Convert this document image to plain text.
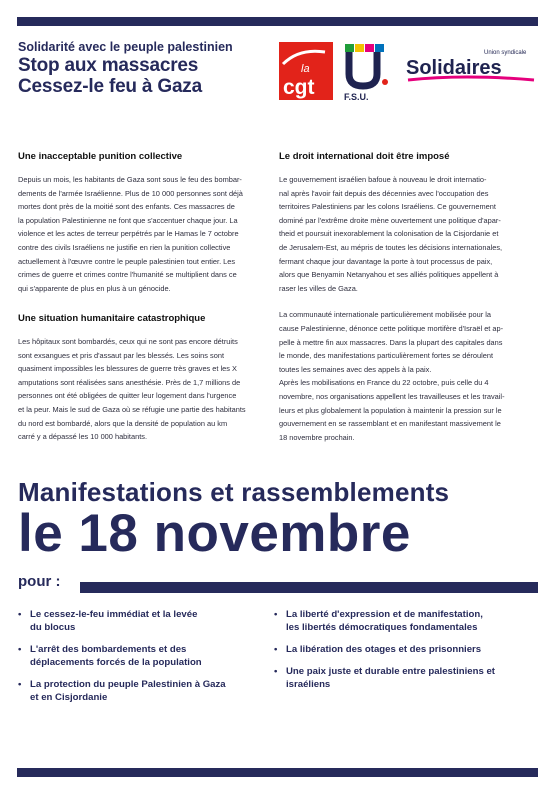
Solidarité avec le peuple palestinien
Stop aux massacres
Cessez-le feu à Gaza
la
cgt	F.S.U.
Union syndicale
Solidaires
Une inacceptable punition collective

Depuis un mois, les habitants de Gaza sont sous le feu des bombar-
dements de l'armée Israélienne. Plus de 10 000 personnes sont déjà
mortes dont près de la moitié sont des enfants. Ces massacres de
la population Palestinienne ne font que s'accentuer chaque jour. La
violence et les actes de terreur perpétrés par le Hamas le 7 octobre
contre des civils Israéliens ne justifie en rien la punition collective
actuellement à l'œuvre contre le peuple palestinien tout entier. Les
crimes de guerre et crimes contre l'humanité se multiplient dans ce
qui s'apparente de plus en plus à un génocide.

Une situation humanitaire catastrophique

Les hôpitaux sont bombardés, ceux qui ne sont pas encore détruits
sont exsangues et pris d'assaut par les blessés. Les soins sont
quasiment impossibles les blessures de guerre très graves et les X
amputations sont réalisées sans anesthésie. Près de 1,7 millions de
personnes ont été obligées de quitter leur logement dans l'urgence
et la peur. Mais le sud de Gaza où se réfugie une partie des habitants
du nord est bombardé, alors que la densité de population au km
carré y a dépassé les 10 000 habitants.

Le droit international doit être imposé

Le gouvernement israélien bafoue à nouveau le droit internatio-
nal après l'avoir fait depuis des décennies avec l'occupation des
territoires Palestiniens par les colons Israéliens. Ce gouvernement
dominé par l'extrême droite mène ouvertement une politique d'apar-
theid et poursuit inexorablement la colonisation de la Cisjordanie et
de Jerusalem-Est, au mépris de toutes les décisions internationales,
fermant chaque jour davantage la porte à tout processus de paix,
alors que Benyamin Netanyahou et ses alliés politiques appellent à
raser les villes de Gaza.

La communauté internationale particulièrement mobilisée pour la
cause Palestinienne, dénonce cette politique mortifère d'Israël et ap-
pelle à mettre fin aux massacres. Dans la plupart des capitales dans
le monde, des manifestations particulièrement fortes se déroulent
toutes les semaines avec des appels à la paix.
Après les mobilisations en France du 22 octobre, puis celle du 4
novembre, nos organisations appellent les travailleuses et les travail-
leurs et plus globalement la population à maintenir la pression sur le
gouvernement en se rassemblant et en manifestant massivement le
18 novembre prochain.

Manifestations et rassemblements
le 18 novembre
pour :
• Le cessez-le-feu immédiat et la levée
du blocus
• L'arrêt des bombardements et des
déplacements forcés de la population
• La protection du peuple Palestinien à Gaza
et en Cisjordanie
• La liberté d'expression et de manifestation,
les libertés démocratiques fondamentales
• La libération des otages et des prisonniers
• Une paix juste et durable entre palestiniens et
israéliens
